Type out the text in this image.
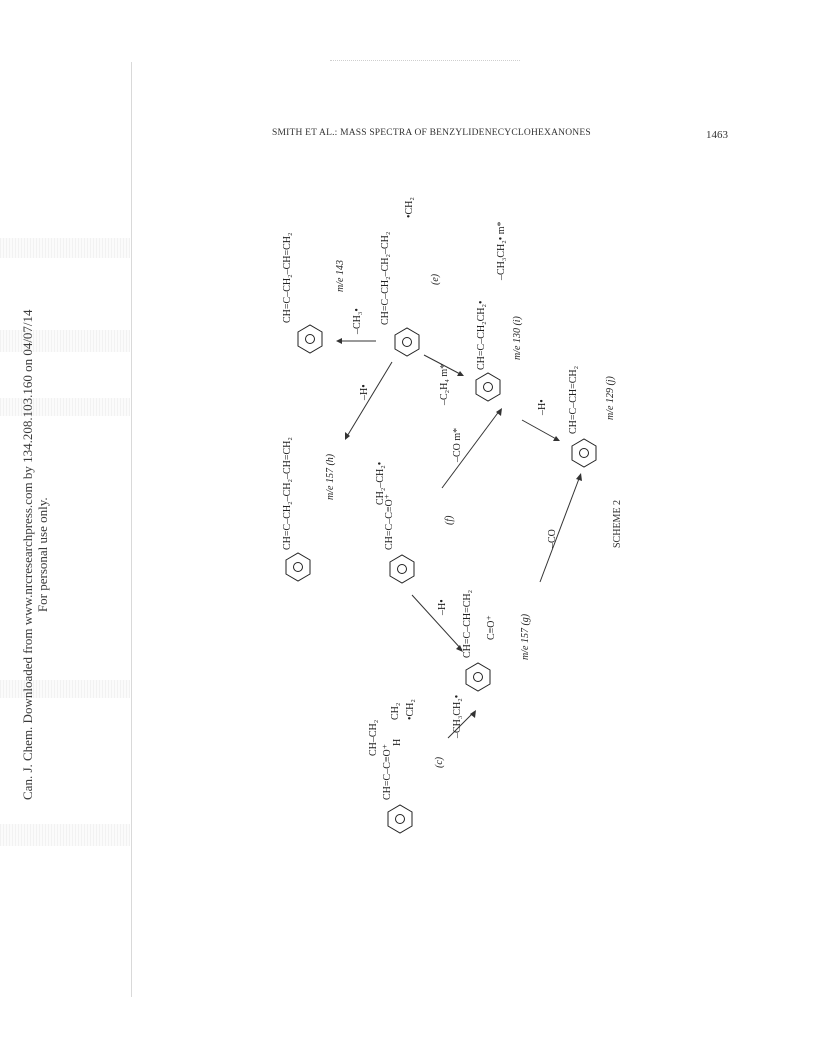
Can. J. Chem. Downloaded from www.nrcresearchpress.com by 134.208.103.160 on 04/07/14 For personal use only.
SMITH ET AL.: MASS SPECTRA OF BENZYLIDENECYCLOHEXANONES	1463
CH=C–CH₂–CH=CH₂	m/e 143
–CH₃• CH=C–CH₂–CH₂–CH₂
•CH₂
(e)
–C₂H₄ m*
–H•
CH=C–CH₂CH₂•	m/e 130 (i)
–CH₃CH₂• m*
CH=C–CH₂–CH₂–CH=CH₂	m/e 157 (h)
CH=C–C≡O⁺
CH₂–CH₂•
(f)
–CO m*
–H• CH=C–CH=CH₂	m/e 129 (j)
CH=C–C≡O⁺
CH–CH₂ H
CH₂ •CH₂
(c)
–CH₃CH₂•
–H• CH=C–CH=CH₂ C≡O⁺ m/e 157 (g)
–CO	SCHEME 2
